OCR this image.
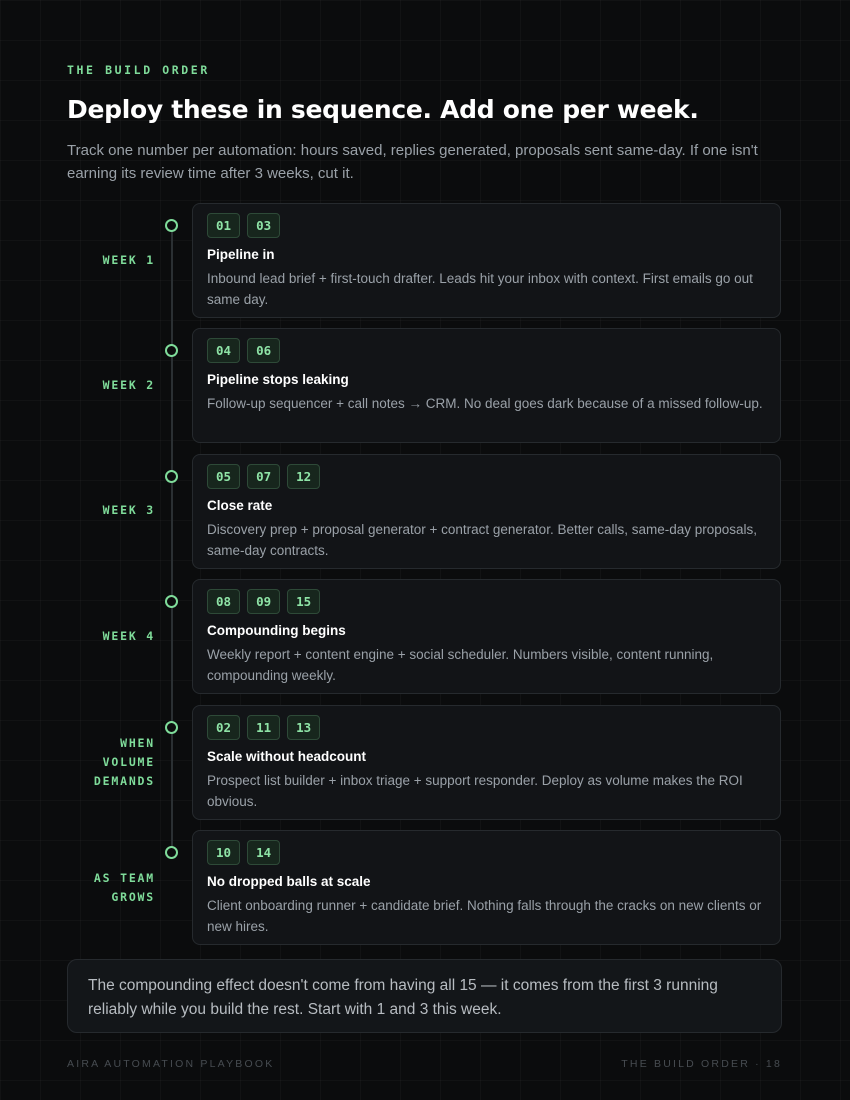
THE BUILD ORDER
Deploy these in sequence. Add one per week.

Track one number per automation: hours saved, replies generated, proposals sent same-day. If one isn't earning its review time after 3 weeks, cut it.

WEEK 1
01	03
Pipeline in

Inbound lead brief + first-touch drafter. Leads hit your inbox with context. First emails go out same day.

WEEK 2
04	06
Pipeline stops leaking

Follow-up sequencer + call notes → CRM. No deal goes dark because of a missed follow-up.

WEEK 3
05	07	12
Close rate

Discovery prep + proposal generator + contract generator. Better calls, same-day proposals, same-day contracts.

WEEK 4
08	09	15
Compounding begins

Weekly report + content engine + social scheduler. Numbers visible, content running, compounding weekly.

WHEN
VOLUME
DEMANDS
02	11	13
Scale without headcount

Prospect list builder + inbox triage + support responder. Deploy as volume makes the ROI obvious.

AS TEAM
GROWS
10	14
No dropped balls at scale

Client onboarding runner + candidate brief. Nothing falls through the cracks on new clients or new hires.

The compounding effect doesn't come from having all 15 — it comes from the first 3 running reliably while you build the rest. Start with 1 and 3 this week.

AIRA AUTOMATION PLAYBOOK	THE BUILD ORDER · 18
